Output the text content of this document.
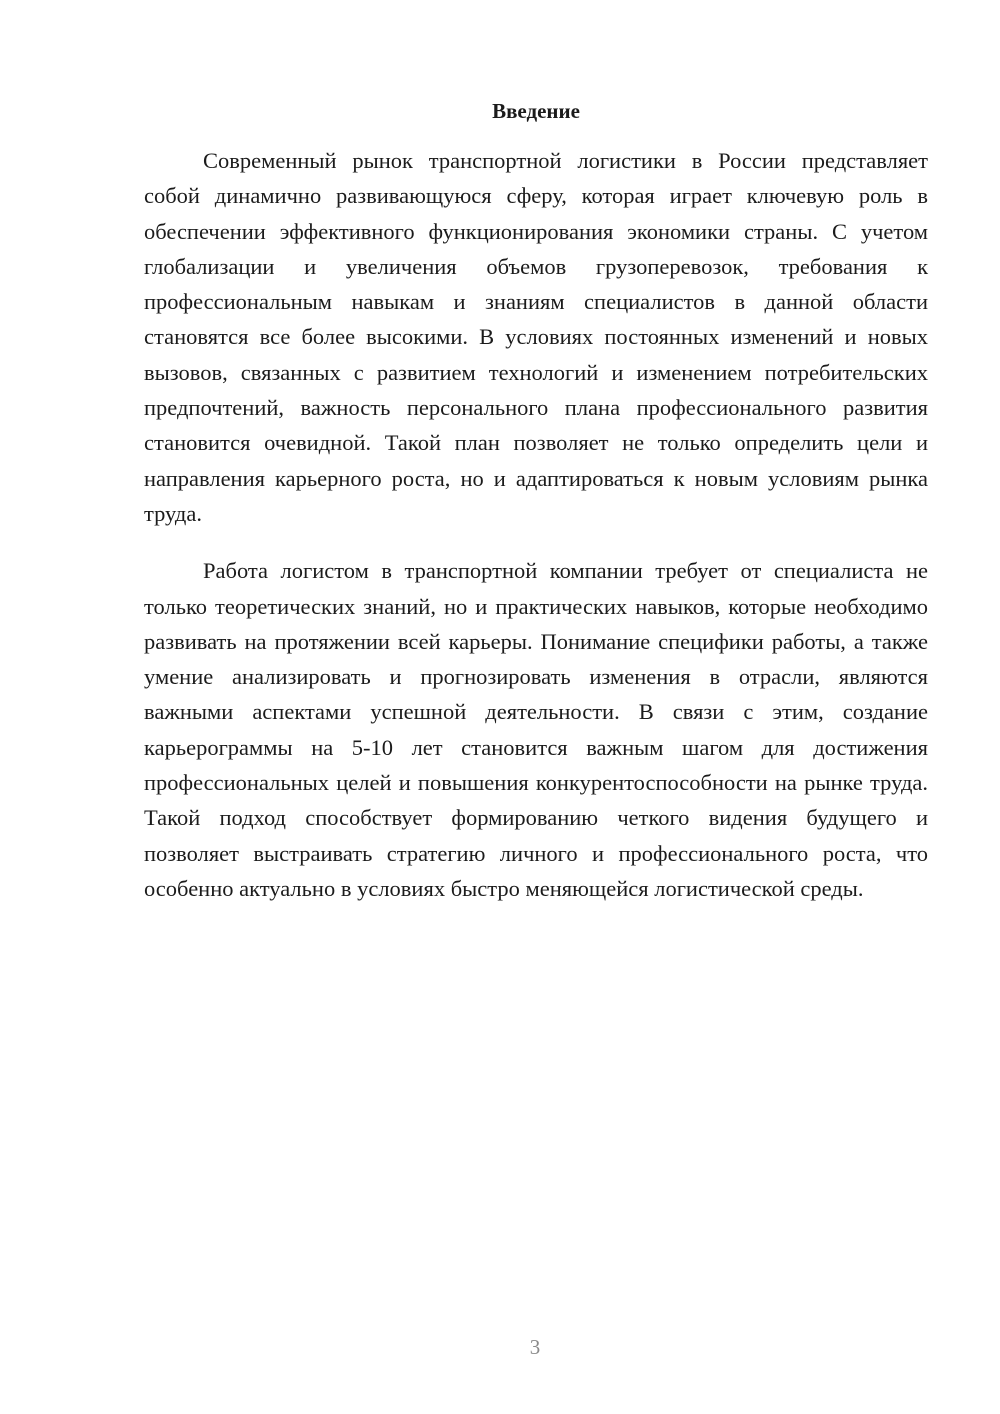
Введение

Современный рынок транспортной логистики в России представляет собой динамично развивающуюся сферу, которая играет ключевую роль в обеспечении эффективного функционирования экономики страны. С учетом глобализации и увеличения объемов грузоперевозок, требования к профессиональным навыкам и знаниям специалистов в данной области становятся все более высокими. В условиях постоянных изменений и новых вызовов, связанных с развитием технологий и изменением потребительских предпочтений, важность персонального плана профессионального развития становится очевидной. Такой план позволяет не только определить цели и направления карьерного роста, но и адаптироваться к новым условиям рынка труда.

Работа логистом в транспортной компании требует от специалиста не только теоретических знаний, но и практических навыков, которые необходимо развивать на протяжении всей карьеры. Понимание специфики работы, а также умение анализировать и прогнозировать изменения в отрасли, являются важными аспектами успешной деятельности. В связи с этим, создание карьерограммы на 5-10 лет становится важным шагом для достижения профессиональных целей и повышения конкурентоспособности на рынке труда. Такой подход способствует формированию четкого видения будущего и позволяет выстраивать стратегию личного и профессионального роста, что особенно актуально в условиях быстро меняющейся логистической среды.

3
